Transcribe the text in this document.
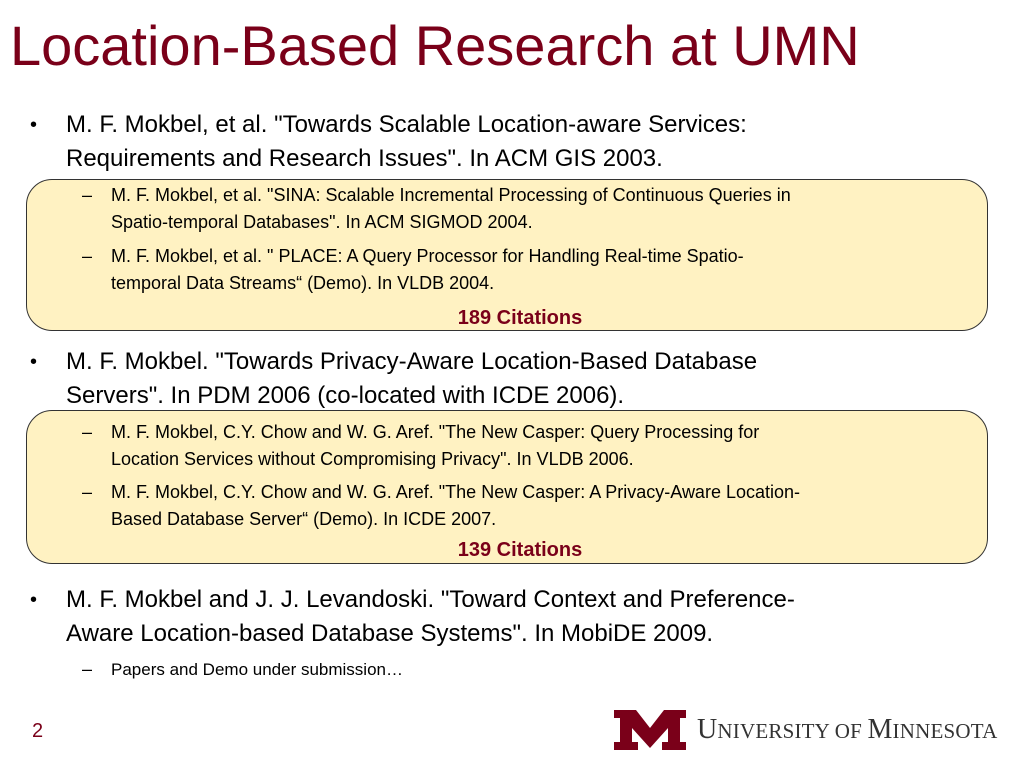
Location-Based Research at UMN
189 Citations
139 Citations
• M. F. Mokbel, et al. "Towards Scalable Location-aware Services:
Requirements and Research Issues". In ACM GIS 2003.
– M. F. Mokbel, et al. "SINA: Scalable Incremental Processing of Continuous Queries in
Spatio-temporal Databases". In ACM SIGMOD 2004.
– M. F. Mokbel, et al. " PLACE: A Query Processor for Handling Real-time Spatio-
temporal Data Streams“ (Demo). In VLDB 2004.
• M. F. Mokbel. "Towards Privacy-Aware Location-Based Database
Servers". In PDM 2006 (co-located with ICDE 2006).
– M. F. Mokbel, C.Y. Chow and W. G. Aref. "The New Casper: Query Processing for
Location Services without Compromising Privacy". In VLDB 2006.
– M. F. Mokbel, C.Y. Chow and W. G. Aref. "The New Casper: A Privacy-Aware Location-
Based Database Server“ (Demo). In ICDE 2007.
• M. F. Mokbel and J. J. Levandoski. "Toward Context and Preference-
Aware Location-based Database Systems". In MobiDE 2009.
– Papers and Demo under submission…
2	UNIVERSITY OF MINNESOTA
